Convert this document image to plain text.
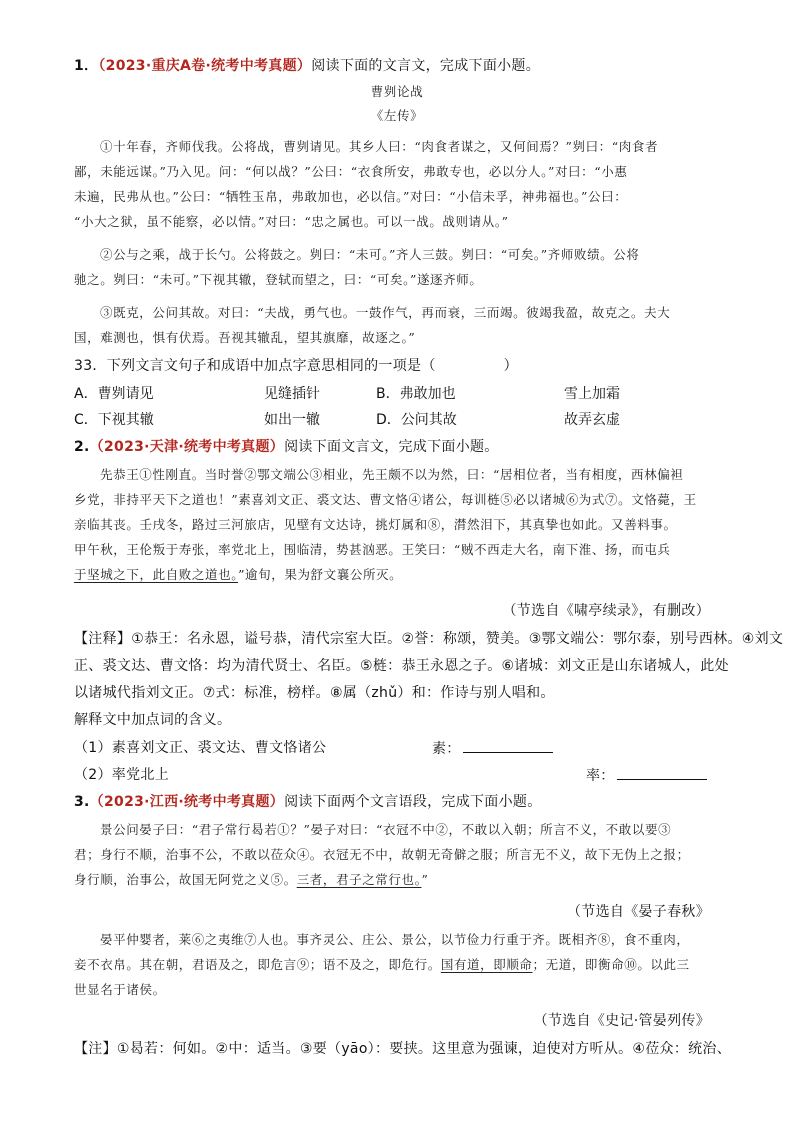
1．（2023·重庆A卷·统考中考真题）阅读下面的文言文，完成下面小题。
曹刿论战
《左传》
①十年春，齐师伐我。公将战，曹刿请见。其乡人曰：“肉食者谋之，又何间焉？”刿曰：“肉食者
鄙，未能远谋。”乃入见。问：“何以战？”公曰：“衣食所安，弗敢专也，必以分人。”对曰：“小惠
未遍，民弗从也。”公曰：“牺牲玉帛，弗敢加也，必以信。”对曰：“小信未孚，神弗福也。”公曰：
“小大之狱，虽不能察，必以情。”对曰：“忠之属也。可以一战。战则请从。”
②公与之乘，战于长勺。公将鼓之。刿曰：“未可。”齐人三鼓。刿曰：“可矣。”齐师败绩。公将
驰之。刿曰：“未可。”下视其辙，登轼而望之，曰：“可矣。”遂逐齐师。
③既克，公问其故。对曰：“夫战，勇气也。一鼓作气，再而衰，三而竭。彼竭我盈，故克之。夫大
国，难测也，惧有伏焉。吾视其辙乱，望其旗靡，故逐之。”
33．下列文言文句子和成语中加点字意思相同的一项是（	）
A．曹刿请见	见缝插针	B．弗敢加也	雪上加霜
C．下视其辙	如出一辙	D．公问其故	故弄玄虚
2.（2023·天津·统考中考真题）阅读下面文言文，完成下面小题。
先恭王①性刚直。当时誉②鄂文端公③相业，先王颇不以为然，曰：“居相位者，当有相度，西林偏袒
乡党，非持平天下之道也！”素喜刘文正、裘文达、曹文恪④诸公，每训梿⑤必以诸城⑥为式⑦。文恪薨，王
亲临其丧。壬戌冬，路过三河旅店，见壁有文达诗，挑灯属和⑧，潸然泪下，其真挚也如此。又善料事。
甲午秋，王伦叛于寿张，率党北上，围临清，势甚汹恶。王笑曰：“贼不西走大名，南下淮、扬，而屯兵
于坚城之下，此自败之道也。”逾旬，果为舒文襄公所灭。
（节选自《啸亭续录》，有删改）
【注释】①恭王：名永恩，谥号恭，清代宗室大臣。②誉：称颂，赞美。③鄂文端公：鄂尔泰，别号西林。④刘文
正、裘文达、曹文恪：均为清代贤士、名臣。⑤梿：恭王永恩之子。⑥诸城：刘文正是山东诸城人，此处
以诸城代指刘文正。⑦式：标准，榜样。⑧属（zhǔ）和：作诗与别人唱和。
解释文中加点词的含义。
（1）素喜刘文正、裘文达、曹文恪诸公	素：
（2）率党北上	率：
3.（2023·江西·统考中考真题）阅读下面两个文言语段，完成下面小题。
景公问晏子曰：“君子常行曷若①？”晏子对曰：“衣冠不中②，不敢以入朝；所言不义，不敢以要③
君；身行不顺，治事不公，不敢以莅众④。衣冠无不中，故朝无奇僻之服；所言无不义，故下无伪上之报；
身行顺，治事公，故国无阿党之义⑤。三者，君子之常行也。”
（节选自《晏子春秋》
晏平仲婴者，莱⑥之夷维⑦人也。事齐灵公、庄公、景公，以节俭力行重于齐。既相齐⑧，食不重肉，
妾不衣帛。其在朝，君语及之，即危言⑨；语不及之，即危行。国有道，即顺命；无道，即衡命⑩。以此三
世显名于诸侯。
（节选自《史记·管晏列传》
【注】①曷若：何如。②中：适当。③要（yāo）：要挟。这里意为强谏，迫使对方听从。④莅众：统治、
